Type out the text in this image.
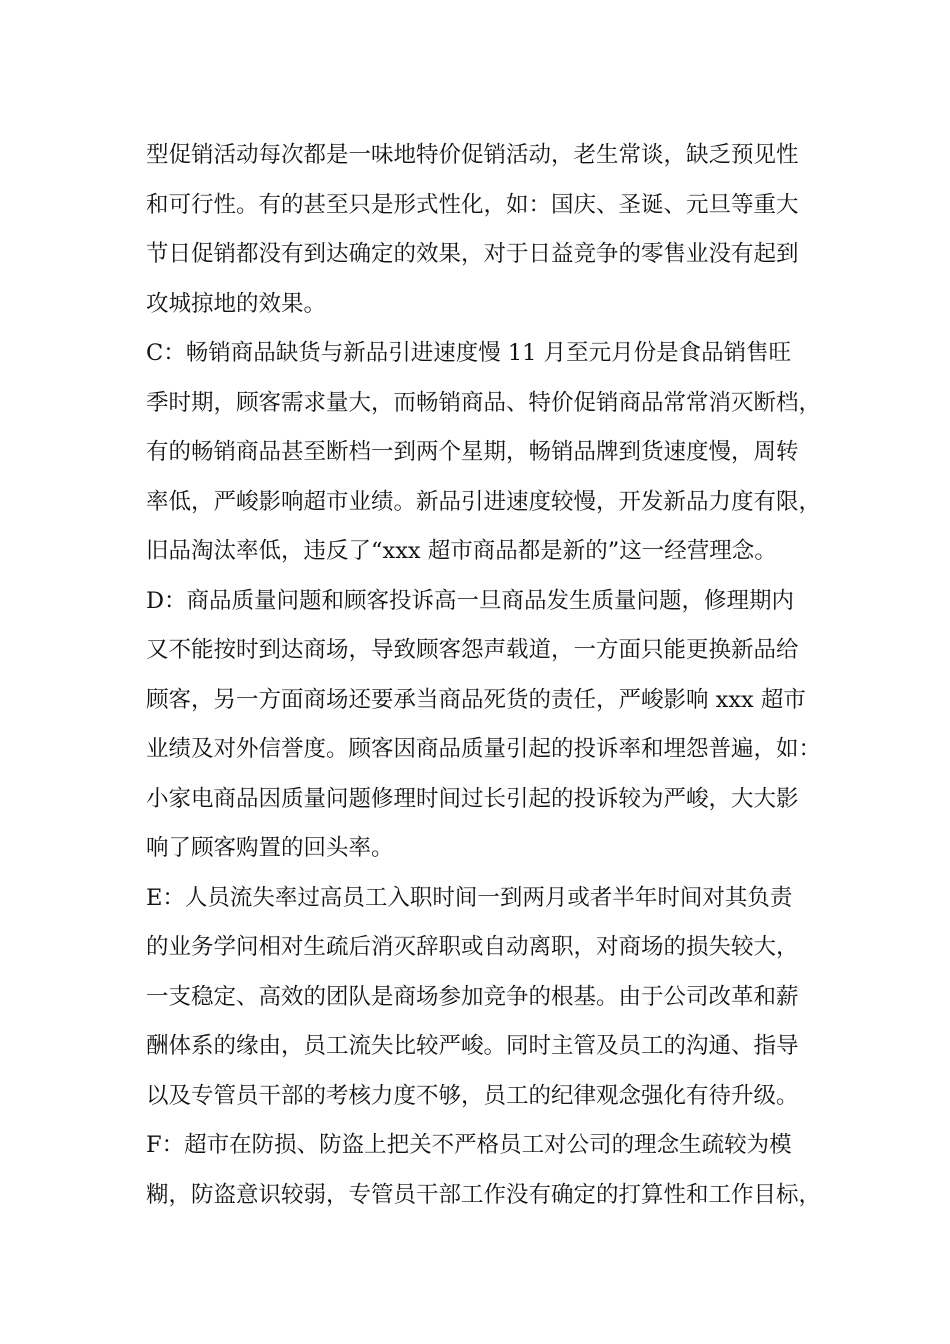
型促销活动每次都是一味地特价促销活动，老生常谈，缺乏预见性
和可行性。有的甚至只是形式性化，如：国庆、圣诞、元旦等重大
节日促销都没有到达确定的效果，对于日益竞争的零售业没有起到
攻城掠地的效果。
C：畅销商品缺货与新品引进速度慢 11 月至元月份是食品销售旺
季时期，顾客需求量大，而畅销商品、特价促销商品常常消灭断档，
有的畅销商品甚至断档一到两个星期，畅销品牌到货速度慢，周转
率低，严峻影响超市业绩。新品引进速度较慢，开发新品力度有限，
旧品淘汰率低，违反了“xxx 超市商品都是新的”这一经营理念。
D：商品质量问题和顾客投诉高一旦商品发生质量问题，修理期内
又不能按时到达商场，导致顾客怨声载道，一方面只能更换新品给
顾客，另一方面商场还要承当商品死货的责任，严峻影响 xxx 超市
业绩及对外信誉度。顾客因商品质量引起的投诉率和埋怨普遍，如：
小家电商品因质量问题修理时间过长引起的投诉较为严峻，大大影
响了顾客购置的回头率。
E：人员流失率过高员工入职时间一到两月或者半年时间对其负责
的业务学问相对生疏后消灭辞职或自动离职，对商场的损失较大，
一支稳定、高效的团队是商场参加竞争的根基。由于公司改革和薪
酬体系的缘由，员工流失比较严峻。同时主管及员工的沟通、指导
以及专管员干部的考核力度不够，员工的纪律观念强化有待升级。
F：超市在防损、防盗上把关不严格员工对公司的理念生疏较为模
糊，防盗意识较弱，专管员干部工作没有确定的打算性和工作目标，
